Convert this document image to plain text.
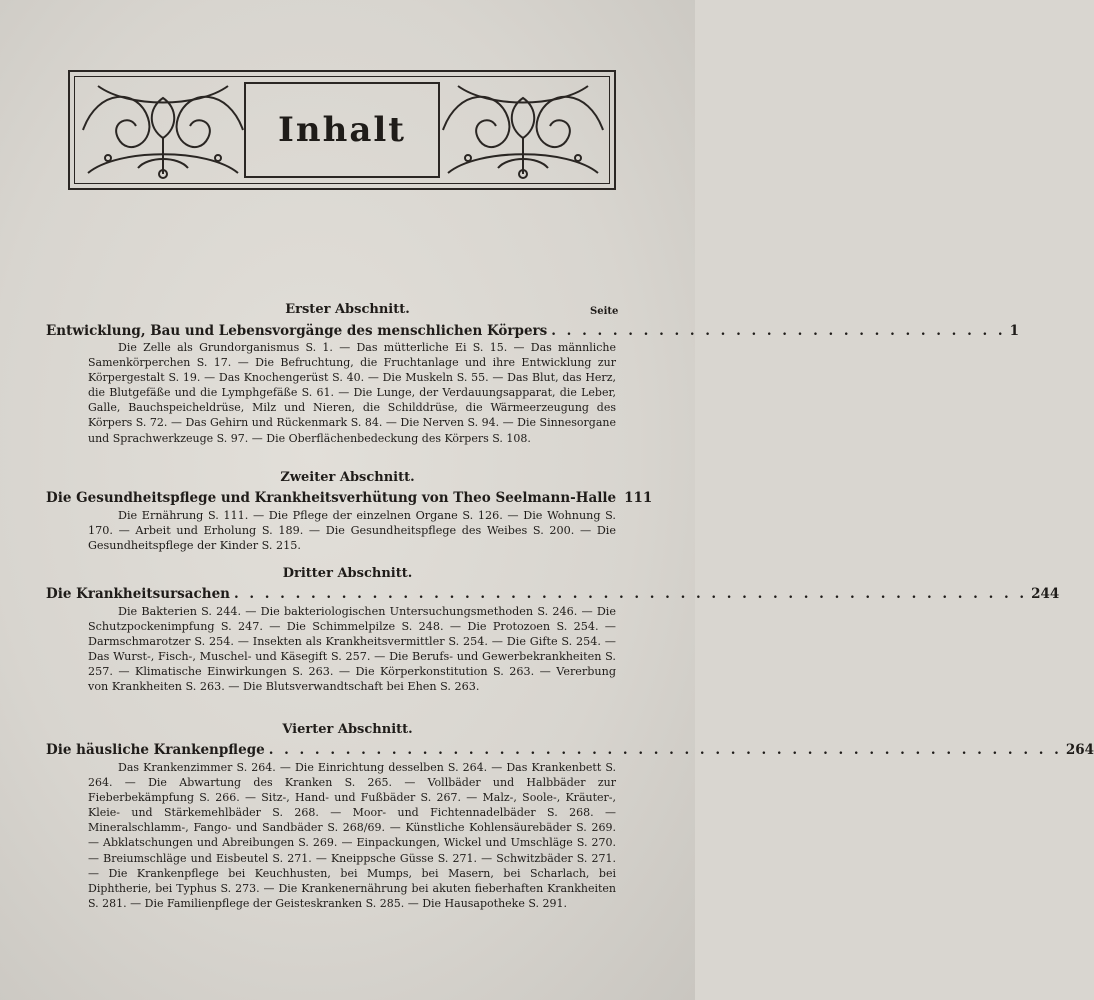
Inhalt
Seite
Erster Abschnitt.
Entwicklung, Bau und Lebensvorgänge des menschlichen Körpers . . . . . . . . . . . . . . . . . . . . . . . . . . . . . . 1
Die Zelle als Grundorganismus S. 1. — Das mütterliche Ei S. 15. — Das männliche Samenkörperchen S. 17. — Die Befruchtung, die Fruchtanlage und ihre Entwicklung zur Körpergestalt S. 19. — Das Knochengerüst S. 40. — Die Muskeln S. 55. — Das Blut, das Herz, die Blutgefäße und die Lymphgefäße S. 61. — Die Lunge, der Verdauungsapparat, die Leber, Galle, Bauchspeicheldrüse, Milz und Nieren, die Schilddrüse, die Wärmeerzeugung des Körpers S. 72. — Das Gehirn und Rückenmark S. 84. — Die Nerven S. 94. — Die Sinnesorgane und Sprachwerkzeuge S. 97. — Die Oberflächenbedeckung des Körpers S. 108.
Zweiter Abschnitt.
Die Gesundheitspflege und Krankheitsverhütung von Theo Seelmann-Halle 111
Die Ernährung S. 111. — Die Pflege der einzelnen Organe S. 126. — Die Wohnung S. 170. — Arbeit und Erholung S. 189. — Die Gesundheitspflege des Weibes S. 200. — Die Gesundheitspflege der Kinder S. 215.
Dritter Abschnitt.
Die Krankheitsursachen . . . . . . . . . . . . . . . . . . . . . . . . . . . . . . . . . . . . . . . . . . . . . . . . . . . . 244
Die Bakterien S. 244. — Die bakteriologischen Untersuchungsmethoden S. 246. — Die Schutzpockenimpfung S. 247. — Die Schimmelpilze S. 248. — Die Protozoen S. 254. — Darmschmarotzer S. 254. — Insekten als Krankheitsvermittler S. 254. — Die Gifte S. 254. — Das Wurst-, Fisch-, Muschel- und Käsegift S. 257. — Die Berufs- und Gewerbekrankheiten S. 257. — Klimatische Einwirkungen S. 263. — Die Körperkonstitution S. 263. — Vererbung von Krankheiten S. 263. — Die Blutsverwandtschaft bei Ehen S. 263.
Vierter Abschnitt.
Die häusliche Krankenpflege . . . . . . . . . . . . . . . . . . . . . . . . . . . . . . . . . . . . . . . . . . . . . . . . . . . . 264
Das Krankenzimmer S. 264. — Die Einrichtung desselben S. 264. — Das Krankenbett S. 264. — Die Abwartung des Kranken S. 265. — Vollbäder und Halbbäder zur Fieberbekämpfung S. 266. — Sitz-, Hand- und Fußbäder S. 267. — Malz-, Soole-, Kräuter-, Kleie- und Stärkemehlbäder S. 268. — Moor- und Fichtennadelbäder S. 268. — Mineralschlamm-, Fango- und Sandbäder S. 268/69. — Künstliche Kohlensäurebäder S. 269. — Abklatschungen und Abreibungen S. 269. — Einpackungen, Wickel und Umschläge S. 270. — Breiumschläge und Eisbeutel S. 271. — Kneippsche Güsse S. 271. — Schwitzbäder S. 271. — Die Krankenpflege bei Keuchhusten, bei Mumps, bei Masern, bei Scharlach, bei Diphtherie, bei Typhus S. 273. — Die Krankenernährung bei akuten fieberhaften Krankheiten S. 281. — Die Familienpflege der Geisteskranken S. 285. — Die Hausapotheke S. 291.
